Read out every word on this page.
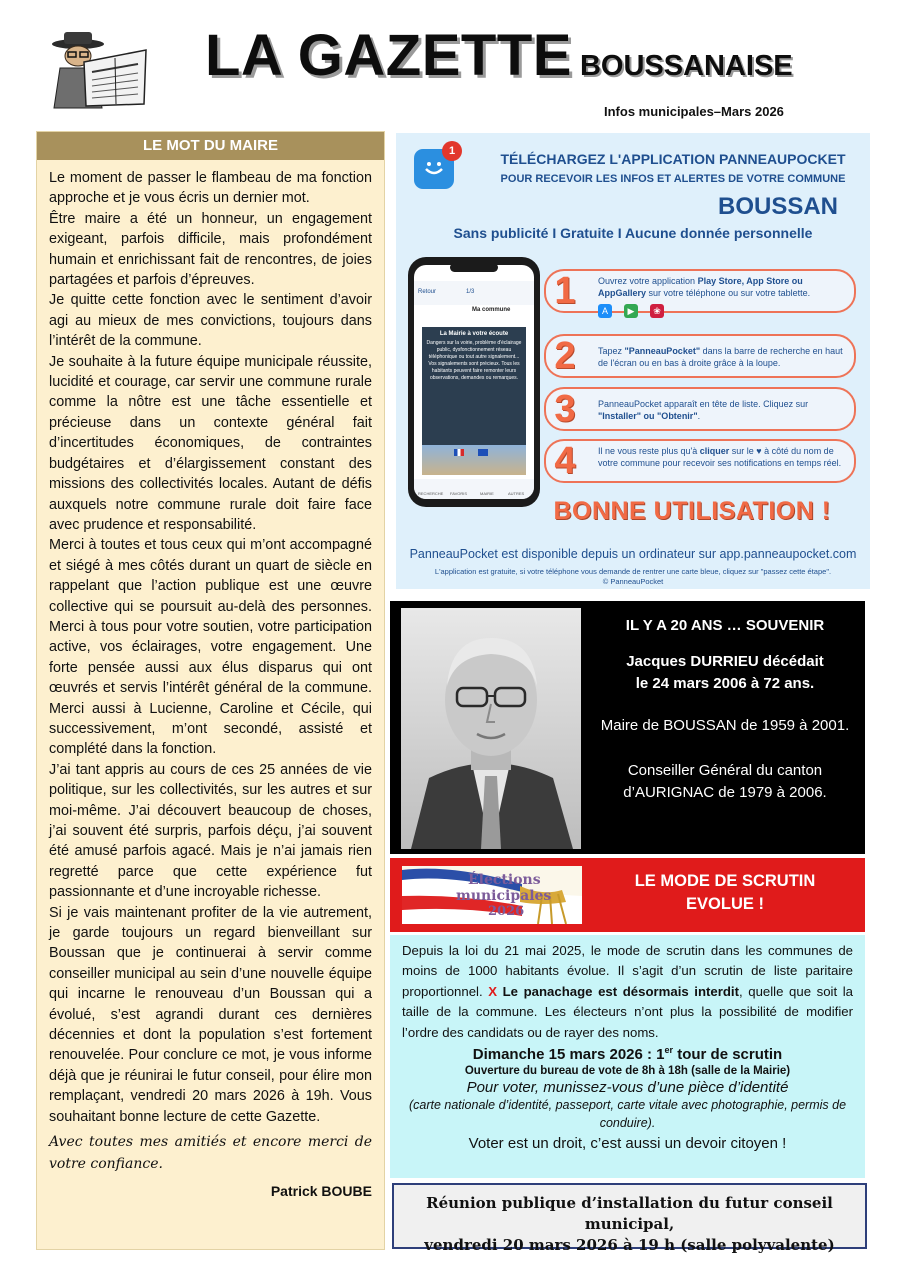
LA GAZETTE BOUSSANAISE
Infos municipales–Mars 2026
LE MOT DU MAIRE

Le moment de passer le flambeau de ma fonction approche et je vous écris un dernier mot.

Être maire a été un honneur, un engagement exigeant, parfois difficile, mais profondément humain et enrichissant fait de rencontres, de joies partagées et parfois d’épreuves.

Je quitte cette fonction avec le sentiment d’avoir agi au mieux de mes convictions, toujours dans l’intérêt de la commune.

Je souhaite à la future équipe municipale réussite, lucidité et courage, car servir une commune rurale comme la nôtre est une tâche essentielle et précieuse dans un contexte général fait d’incertitudes économiques, de contraintes budgétaires et d’élargissement constant des missions des collectivités locales. Autant de défis auxquels notre commune rurale doit faire face avec prudence et responsabilité.

Merci à toutes et tous ceux qui m’ont accompagné et siégé à mes côtés durant un quart de siècle en rappelant que l’action publique est une œuvre collective qui se poursuit au-delà des personnes. Merci à tous pour votre soutien, votre participation active, vos éclairages, votre engagement. Une forte pensée aussi aux élus disparus qui ont œuvrés et servis l’intérêt général de la commune. Merci aussi à Lucienne, Caroline et Cécile, qui successivement, m’ont secondé, assisté et complété dans la fonction.

J’ai tant appris au cours de ces 25 années de vie politique, sur les collectivités, sur les autres et sur moi-même. J’ai découvert beaucoup de choses, j’ai souvent été surpris, parfois déçu, j’ai souvent été amusé parfois agacé. Mais je n’ai jamais rien regretté parce que cette expérience fut passionnante et d’une incroyable richesse.

Si je vais maintenant profiter de la vie autrement, je garde toujours un regard bienveillant sur Boussan que je continuerai à servir comme conseiller municipal au sein d’une nouvelle équipe qui incarne le renouveau d’un Boussan qui a évolué, s’est agrandi durant ces dernières décennies et dont la population s’est fortement renouvelée. Pour conclure ce mot, je vous informe déjà que je réunirai le futur conseil, pour élire mon remplaçant, vendredi 20 mars 2026 à 19h. Vous souhaitant bonne lecture de cette Gazette.

Avec toutes mes amitiés et encore merci de votre confiance.
Patrick BOUBE
1	TÉLÉCHARGEZ L'APPLICATION PANNEAUPOCKET
POUR RECEVOIR LES INFOS ET ALERTES DE VOTRE COMMUNE
BOUSSAN
Sans publicité I Gratuite I Aucune donnée personnelle
Retour	1/3
Ma commune
La Mairie à votre écoute
Dangers sur la voirie, problème d'éclairage public, dysfonctionnement réseau téléphonique ou tout autre signalement... Vos signalements sont précieux. Tous les habitants peuvent faire remonter leurs observations, demandes ou remarques.
RECHERCHE FAVORIS	MAIRIE	AUTRES
1	Ouvrez votre application Play Store, App Store ou AppGallery sur votre téléphone ou sur votre tablette.
A ▶ ❀
2	Tapez "PanneauPocket" dans la barre de recherche en haut de l'écran ou en bas à droite grâce à la loupe.
3	PanneauPocket apparaît en tête de liste. Cliquez sur "Installer" ou "Obtenir".
4	Il ne vous reste plus qu'à cliquer sur le ♥ à côté du nom de votre commune pour recevoir ses notifications en temps réel.
BONNE UTILISATION !
PanneauPocket est disponible depuis un ordinateur sur app.panneaupocket.com
L'application est gratuite, si votre téléphone vous demande de rentrer une carte bleue, cliquez sur "passez cette étape".
© PanneauPocket
IL Y A 20 ANS … SOUVENIR
Jacques DURRIEU décédait
le 24 mars 2006 à 72 ans.
Maire de BOUSSAN de 1959 à 2001.
Conseiller Général du canton
d’AURIGNAC de 1979 à 2006.
Élections
municipales
2026
LE MODE DE SCRUTIN
EVOLUE !
Depuis la loi du 21 mai 2025, le mode de scrutin dans les communes de moins de 1000 habitants évolue. Il s’agit d’un scrutin de liste paritaire proportionnel. X Le panachage est désormais interdit, quelle que soit la taille de la commune. Les électeurs n’ont plus la possibilité de modifier l’ordre des candidats ou de rayer des noms.
Dimanche 15 mars 2026 : 1er tour de scrutin
Ouverture du bureau de vote de 8h à 18h (salle de la Mairie)
Pour voter, munissez-vous d’une pièce d’identité
(carte nationale d’identité, passeport, carte vitale avec photographie, permis de conduire).
Voter est un droit, c’est aussi un devoir citoyen !
Réunion publique d’installation du futur conseil municipal,
vendredi 20 mars 2026 à 19 h (salle polyvalente)
